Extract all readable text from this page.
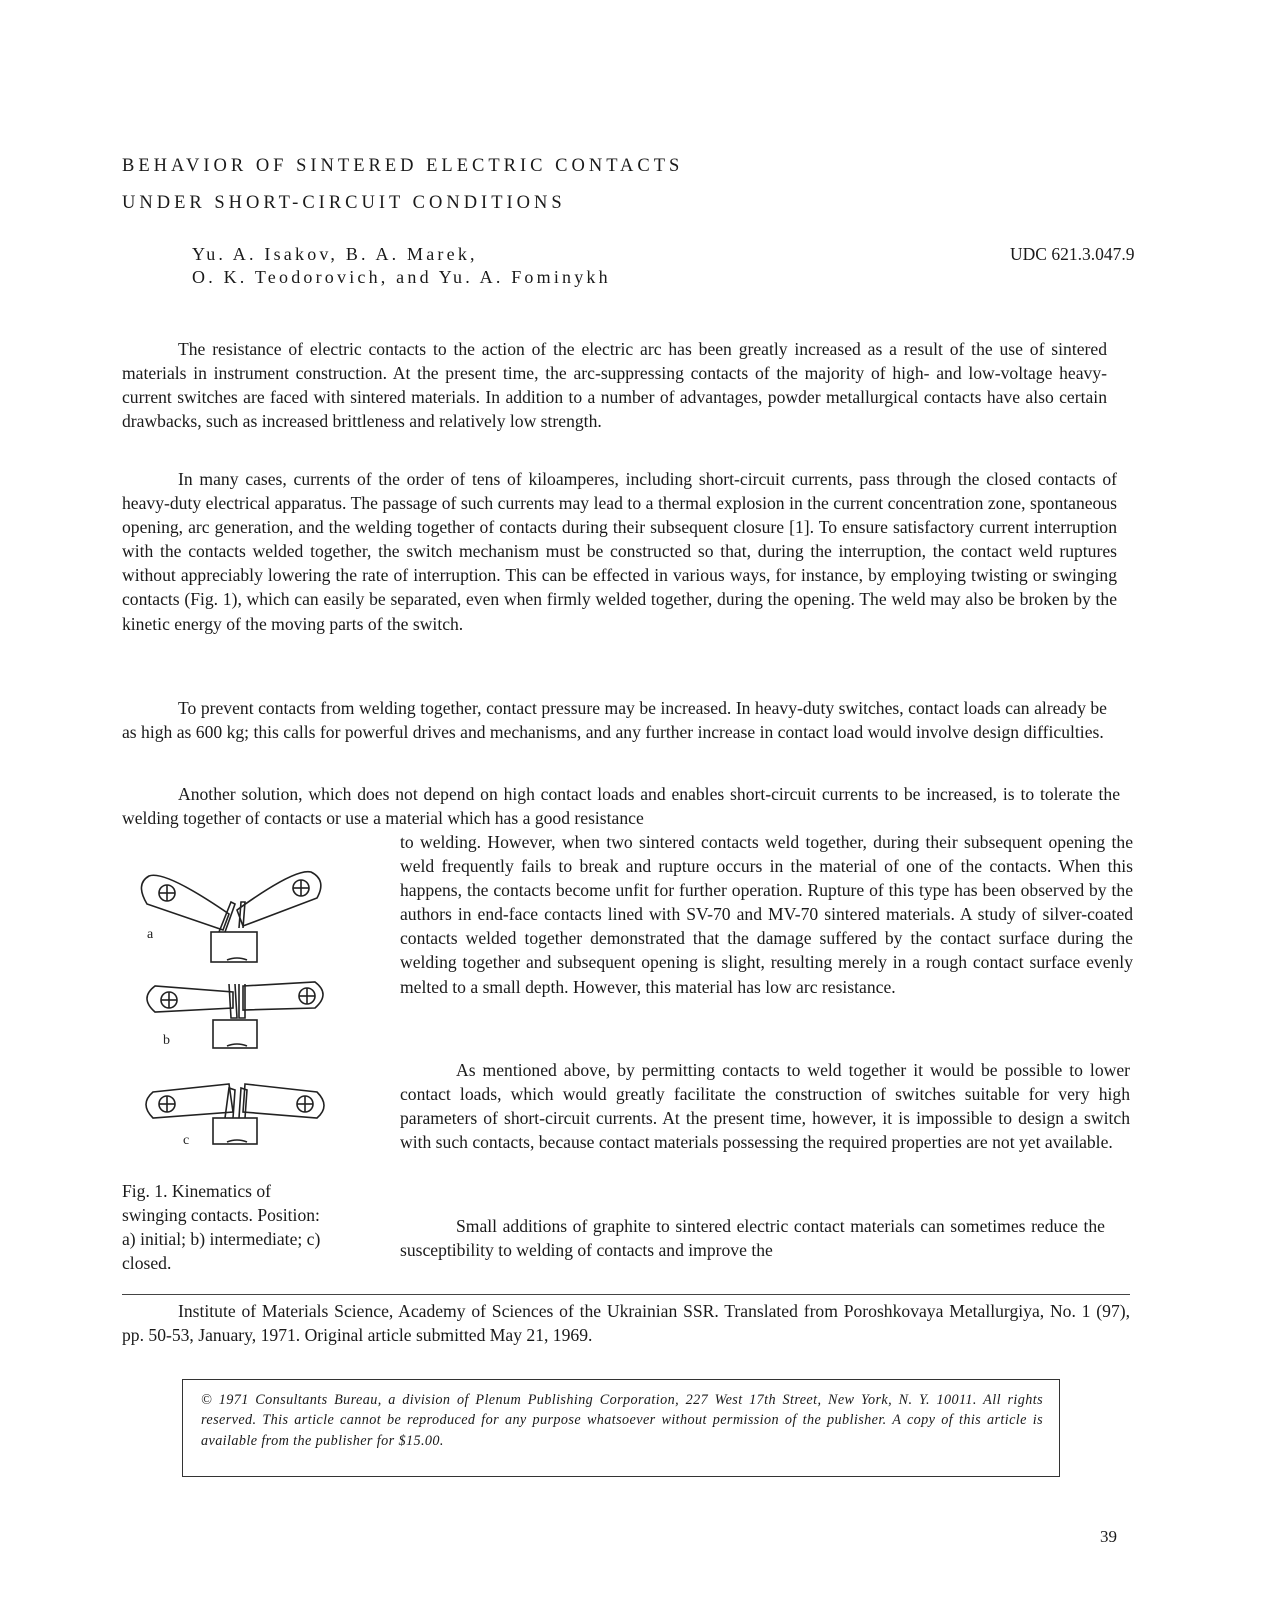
BEHAVIOR OF SINTERED ELECTRIC CONTACTS
UNDER SHORT-CIRCUIT CONDITIONS
Yu. A. Isakov, B. A. Marek,
O. K. Teodorovich, and Yu. A. Fominykh
UDC 621.3.047.9

The resistance of electric contacts to the action of the electric arc has been greatly increased as a result of the use of sintered materials in instrument construction. At the present time, the arc-suppressing contacts of the majority of high- and low-voltage heavy-current switches are faced with sintered materials. In addition to a number of advantages, powder metallurgical contacts have also certain drawbacks, such as increased brittleness and relatively low strength.

In many cases, currents of the order of tens of kiloamperes, including short-circuit currents, pass through the closed contacts of heavy-duty electrical apparatus. The passage of such currents may lead to a thermal explosion in the current concentration zone, spontaneous opening, arc generation, and the welding together of contacts during their subsequent closure [1]. To ensure satisfactory current interruption with the contacts welded together, the switch mechanism must be constructed so that, during the interruption, the contact weld ruptures without appreciably lowering the rate of interruption. This can be effected in various ways, for instance, by employing twisting or swinging contacts (Fig. 1), which can easily be separated, even when firmly welded together, during the opening. The weld may also be broken by the kinetic energy of the moving parts of the switch.

To prevent contacts from welding together, contact pressure may be increased. In heavy-duty switches, contact loads can already be as high as 600 kg; this calls for powerful drives and mechanisms, and any further increase in contact load would involve design difficulties.

Another solution, which does not depend on high contact loads and enables short-circuit currents to be increased, is to tolerate the welding together of contacts or use a material which has a good resistance

to welding. However, when two sintered contacts weld together, during their subsequent opening the weld frequently fails to break and rupture occurs in the material of one of the contacts. When this happens, the contacts become unfit for further operation. Rupture of this type has been observed by the authors in end-face contacts lined with SV-70 and MV-70 sintered materials. A study of silver-coated contacts welded together demonstrated that the damage suffered by the contact surface during the welding together and subsequent opening is slight, resulting merely in a rough contact surface evenly melted to a small depth. However, this material has low arc resistance.

As mentioned above, by permitting contacts to weld together it would be possible to lower contact loads, which would greatly facilitate the construction of switches suitable for very high parameters of short-circuit currents. At the present time, however, it is impossible to design a switch with such contacts, because contact materials possessing the required properties are not yet available.

Small additions of graphite to sintered electric contact materials can sometimes reduce the susceptibility to welding of contacts and improve the

a
b
c
Fig. 1. Kinematics of swinging contacts. Position: a) initial; b) intermediate; c) closed.

Institute of Materials Science, Academy of Sciences of the Ukrainian SSR. Translated from Poroshkovaya Metallurgiya, No. 1 (97), pp. 50-53, January, 1971. Original article submitted May 21, 1969.

© 1971 Consultants Bureau, a division of Plenum Publishing Corporation, 227 West 17th Street, New York, N. Y. 10011. All rights reserved. This article cannot be reproduced for any purpose whatsoever without permission of the publisher. A copy of this article is available from the publisher for $15.00.

39
